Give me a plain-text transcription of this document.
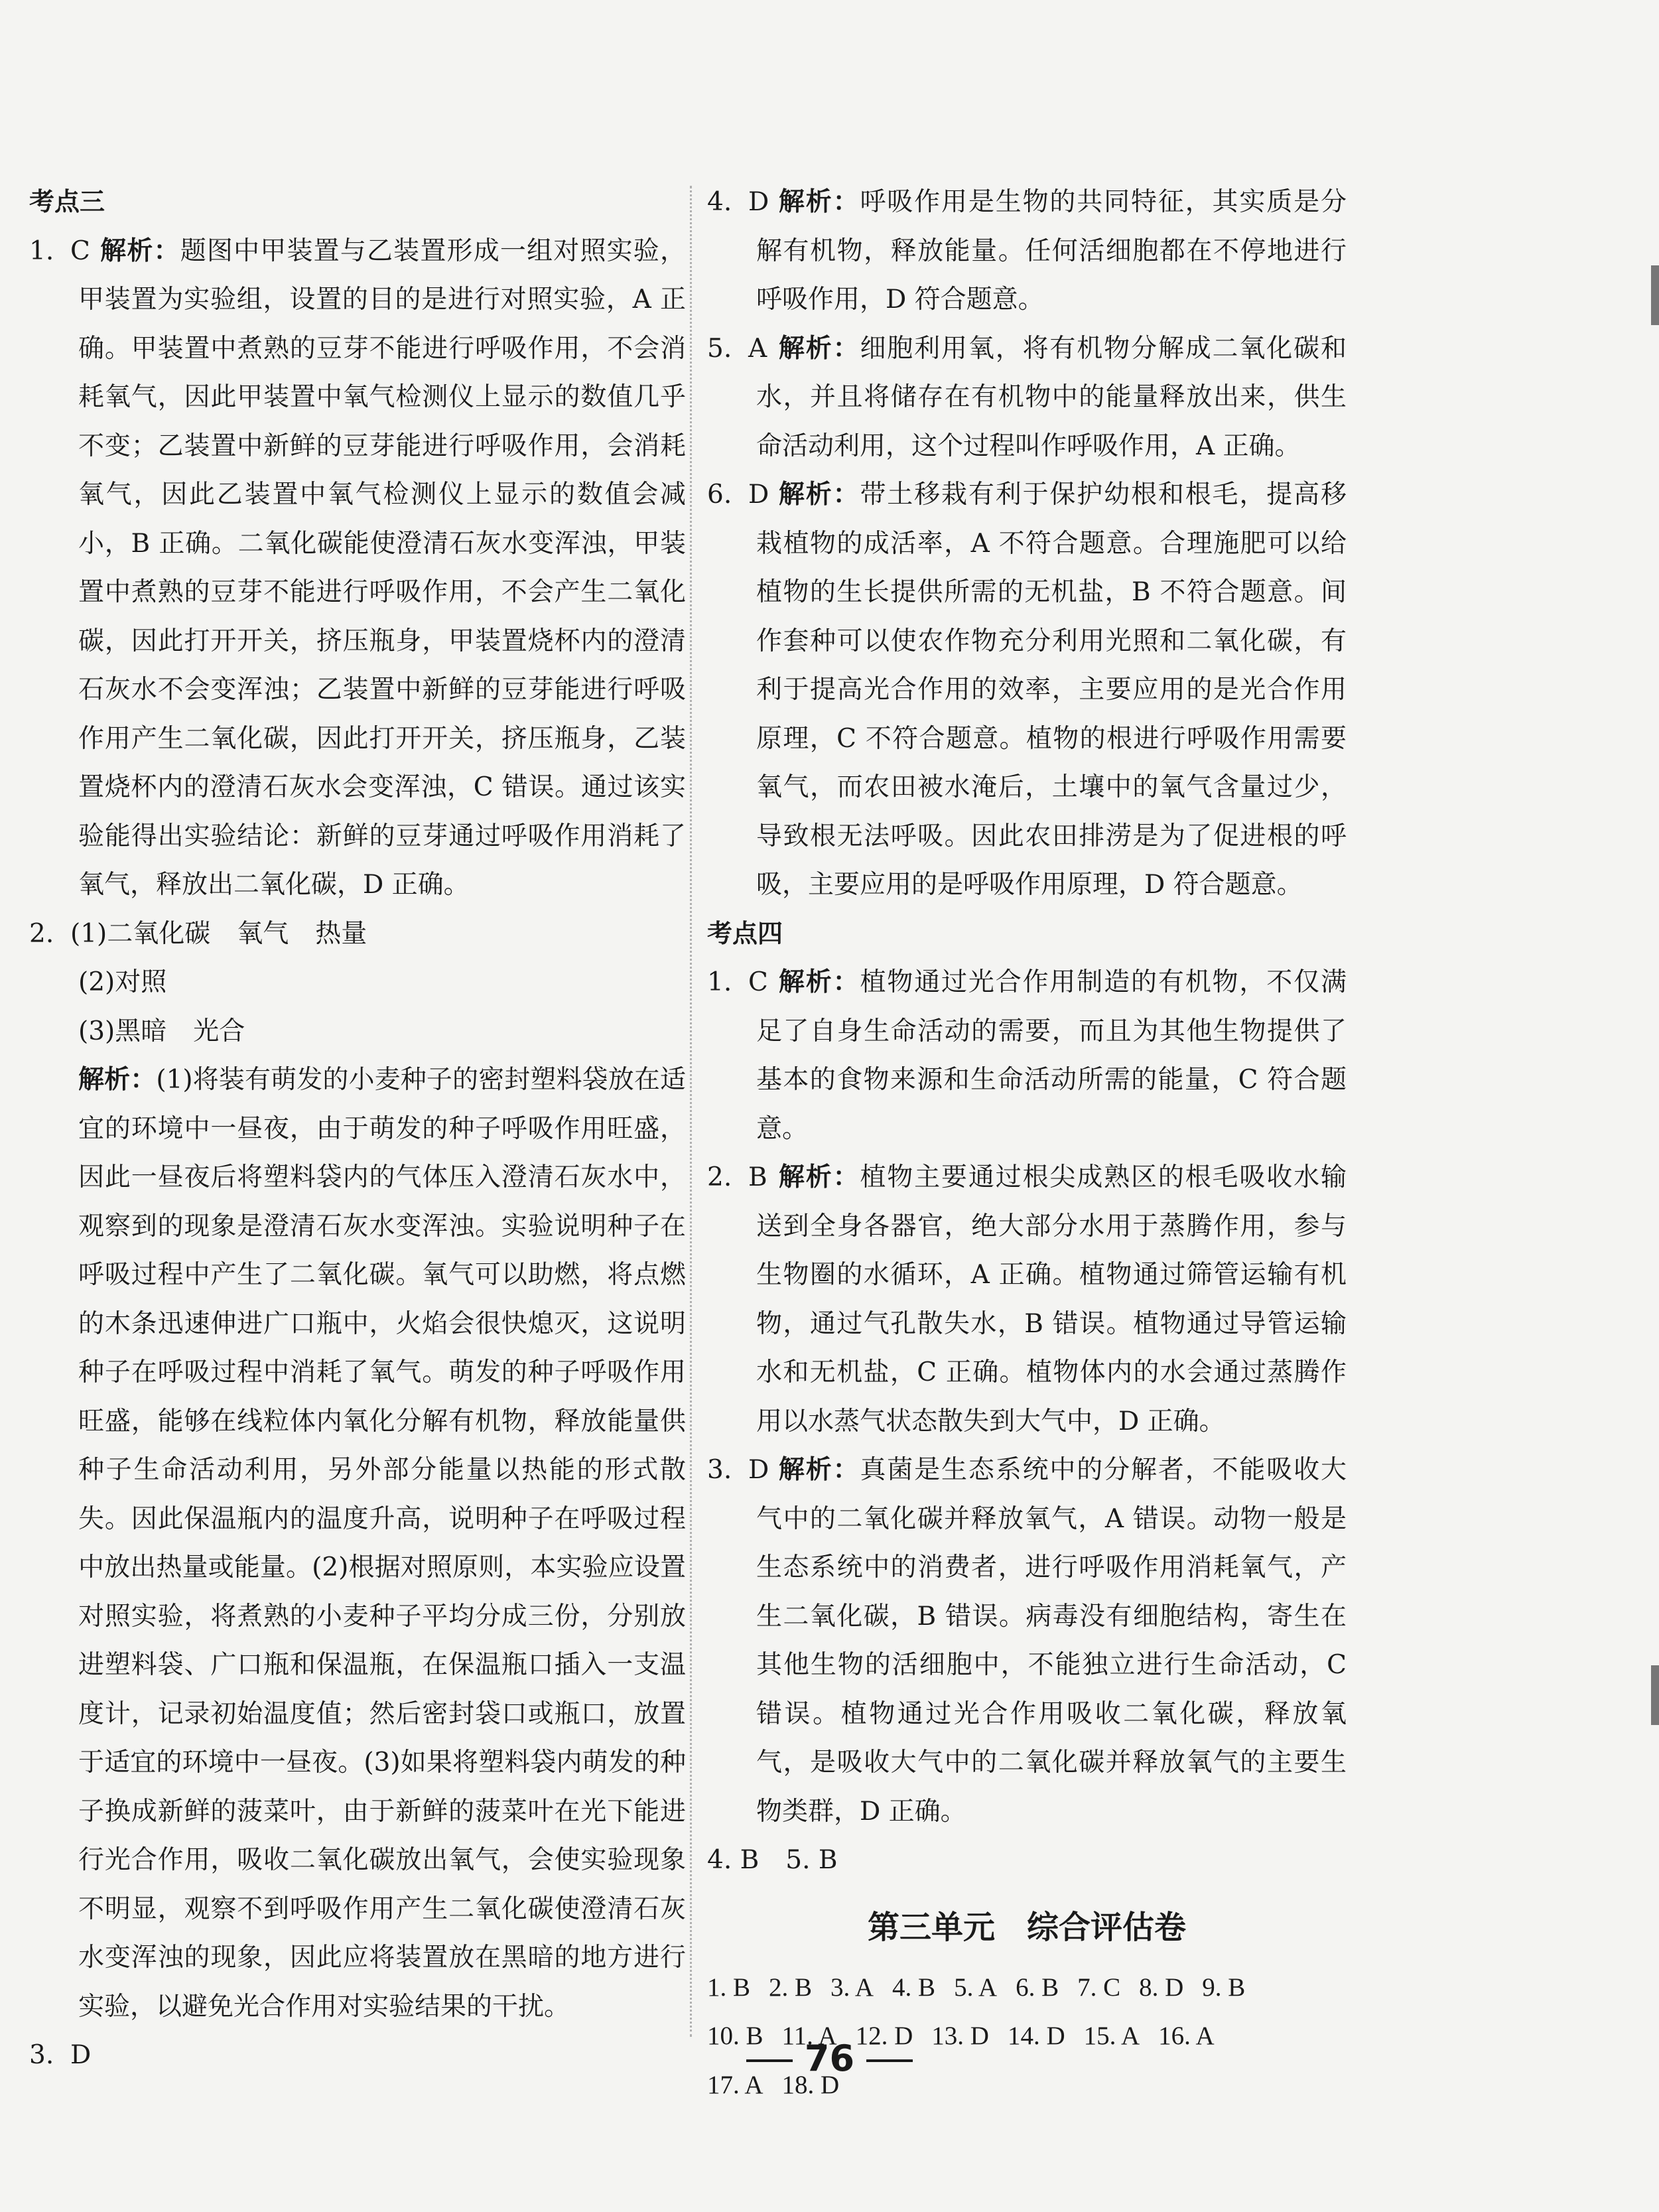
考点三
1. C 解析：题图中甲装置与乙装置形成一组对照实验，甲装置为实验组，设置的目的是进行对照实验，A 正确。甲装置中煮熟的豆芽不能进行呼吸作用，不会消耗氧气，因此甲装置中氧气检测仪上显示的数值几乎不变；乙装置中新鲜的豆芽能进行呼吸作用，会消耗氧气，因此乙装置中氧气检测仪上显示的数值会减小，B 正确。二氧化碳能使澄清石灰水变浑浊，甲装置中煮熟的豆芽不能进行呼吸作用，不会产生二氧化碳，因此打开开关，挤压瓶身，甲装置烧杯内的澄清石灰水不会变浑浊；乙装置中新鲜的豆芽能进行呼吸作用产生二氧化碳，因此打开开关，挤压瓶身，乙装置烧杯内的澄清石灰水会变浑浊，C 错误。通过该实验能得出实验结论：新鲜的豆芽通过呼吸作用消耗了氧气，释放出二氧化碳，D 正确。
2. (1)二氧化碳 氧气 热量
(2)对照
(3)黑暗 光合
解析：(1)将装有萌发的小麦种子的密封塑料袋放在适宜的环境中一昼夜，由于萌发的种子呼吸作用旺盛，因此一昼夜后将塑料袋内的气体压入澄清石灰水中，观察到的现象是澄清石灰水变浑浊。实验说明种子在呼吸过程中产生了二氧化碳。氧气可以助燃，将点燃的木条迅速伸进广口瓶中，火焰会很快熄灭，这说明种子在呼吸过程中消耗了氧气。萌发的种子呼吸作用旺盛，能够在线粒体内氧化分解有机物，释放能量供种子生命活动利用，另外部分能量以热能的形式散失。因此保温瓶内的温度升高，说明种子在呼吸过程中放出热量或能量。(2)根据对照原则，本实验应设置对照实验，将煮熟的小麦种子平均分成三份，分别放进塑料袋、广口瓶和保温瓶，在保温瓶口插入一支温度计，记录初始温度值；然后密封袋口或瓶口，放置于适宜的环境中一昼夜。(3)如果将塑料袋内萌发的种子换成新鲜的菠菜叶，由于新鲜的菠菜叶在光下能进行光合作用，吸收二氧化碳放出氧气，会使实验现象不明显，观察不到呼吸作用产生二氧化碳使澄清石灰水变浑浊的现象，因此应将装置放在黑暗的地方进行实验，以避免光合作用对实验结果的干扰。
3. D
4. D 解析：呼吸作用是生物的共同特征，其实质是分解有机物，释放能量。任何活细胞都在不停地进行呼吸作用，D 符合题意。
5. A 解析：细胞利用氧，将有机物分解成二氧化碳和水，并且将储存在有机物中的能量释放出来，供生命活动利用，这个过程叫作呼吸作用，A 正确。
6. D 解析：带土移栽有利于保护幼根和根毛，提高移栽植物的成活率，A 不符合题意。合理施肥可以给植物的生长提供所需的无机盐，B 不符合题意。间作套种可以使农作物充分利用光照和二氧化碳，有利于提高光合作用的效率，主要应用的是光合作用原理，C 不符合题意。植物的根进行呼吸作用需要氧气，而农田被水淹后，土壤中的氧气含量过少，导致根无法呼吸。因此农田排涝是为了促进根的呼吸，主要应用的是呼吸作用原理，D 符合题意。
考点四
1. C 解析：植物通过光合作用制造的有机物，不仅满足了自身生命活动的需要，而且为其他生物提供了基本的食物来源和生命活动所需的能量，C 符合题意。
2. B 解析：植物主要通过根尖成熟区的根毛吸收水输送到全身各器官，绝大部分水用于蒸腾作用，参与生物圈的水循环，A 正确。植物通过筛管运输有机物，通过气孔散失水，B 错误。植物通过导管运输水和无机盐，C 正确。植物体内的水会通过蒸腾作用以水蒸气状态散失到大气中，D 正确。
3. D 解析：真菌是生态系统中的分解者，不能吸收大气中的二氧化碳并释放氧气，A 错误。动物一般是生态系统中的消费者，进行呼吸作用消耗氧气，产生二氧化碳，B 错误。病毒没有细胞结构，寄生在其他生物的活细胞中，不能独立进行生命活动，C 错误。植物通过光合作用吸收二氧化碳，释放氧气，是吸收大气中的二氧化碳并释放氧气的主要生物类群，D 正确。
4. B 5. B
第三单元　综合评估卷
1. B 2. B 3. A 4. B 5. A 6. B 7. C 8. D 9. B
10. B 11. A 12. D 13. D 14. D 15. A 16. A
17. A 18. D
76
